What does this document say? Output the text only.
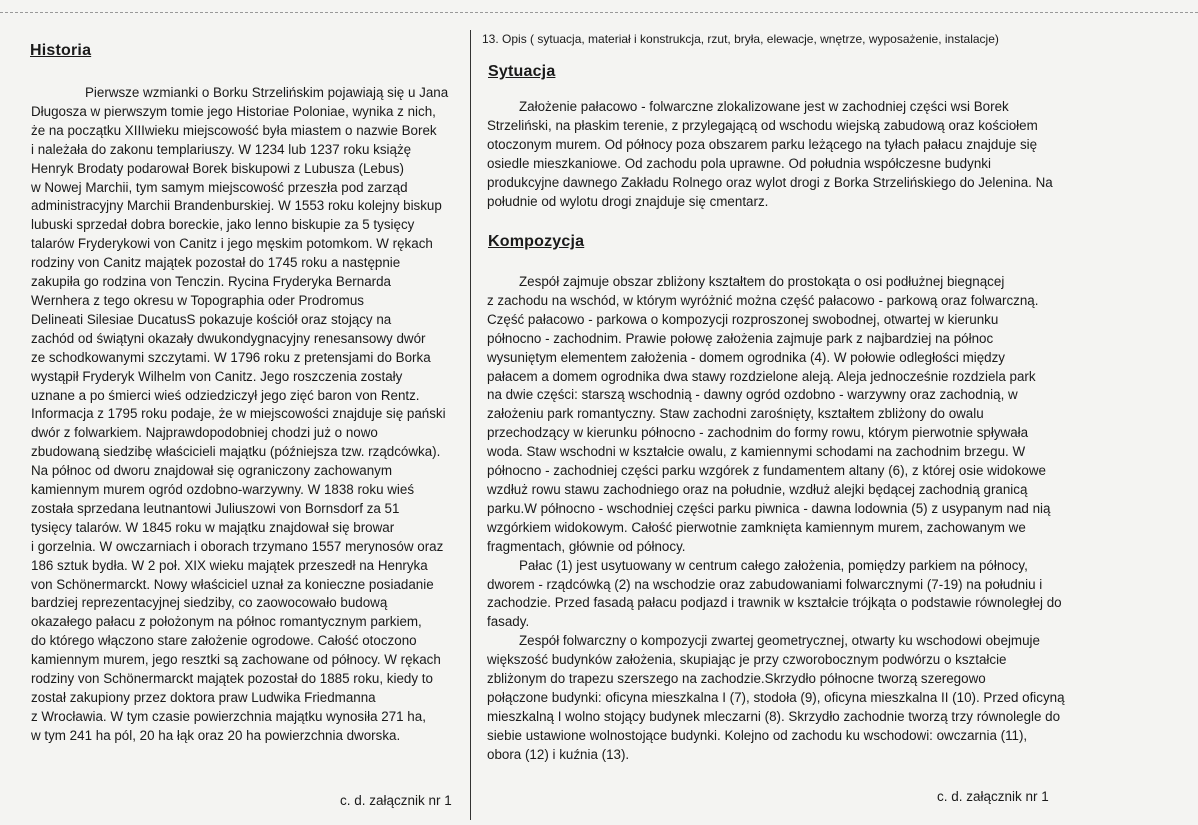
Historia
Pierwsze wzmianki o Borku Strzelińskim pojawiają się u Jana
Długosza w pierwszym tomie jego Historiae Poloniae, wynika z nich,
że na początku XIIIwieku miejscowość była miastem o nazwie Borek
i należała do zakonu templariuszy. W 1234 lub 1237 roku książę
Henryk Brodaty podarował Borek biskupowi z Lubusza (Lebus)
w Nowej Marchii, tym samym miejscowość przeszła pod zarząd
administracyjny Marchii Brandenburskiej. W 1553 roku kolejny biskup
lubuski sprzedał dobra boreckie, jako lenno biskupie za 5 tysięcy
talarów Fryderykowi von Canitz i jego męskim potomkom. W rękach
rodziny von Canitz majątek pozostał do 1745 roku a następnie
zakupiła go rodzina von Tenczin. Rycina Fryderyka Bernarda
Wernhera z tego okresu w Topographia oder Prodromus
Delineati Silesiae DucatusS pokazuje kościół oraz stojący na
zachód od świątyni okazały dwukondygnacyjny renesansowy dwór
ze schodkowanymi szczytami. W 1796 roku z pretensjami do Borka
wystąpił Fryderyk Wilhelm von Canitz. Jego roszczenia zostały
uznane a po śmierci wieś odziedziczył jego zięć baron von Rentz.
Informacja z 1795 roku podaje, że w miejscowości znajduje się pański
dwór z folwarkiem. Najprawdopodobniej chodzi już o nowo
zbudowaną siedzibę właścicieli majątku (późniejsza tzw. rządcówka).
Na północ od dworu znajdował się ograniczony zachowanym
kamiennym murem ogród ozdobno-warzywny. W 1838 roku wieś
została sprzedana leutnantowi Juliuszowi von Bornsdorf za 51
tysięcy talarów. W 1845 roku w majątku znajdował się browar
i gorzelnia. W owczarniach i oborach trzymano 1557 merynosów oraz
186 sztuk bydła. W 2 poł. XIX wieku majątek przeszedł na Henryka
von Schönermarckt. Nowy właściciel uznał za konieczne posiadanie
bardziej reprezentacyjnej siedziby, co zaowocowało budową
okazałego pałacu z położonym na północ romantycznym parkiem,
do którego włączono stare założenie ogrodowe. Całość otoczono
kamiennym murem, jego resztki są zachowane od północy. W rękach
rodziny von Schönermarckt majątek pozostał do 1885 roku, kiedy to
został zakupiony przez doktora praw Ludwika Friedmanna
z Wrocławia. W tym czasie powierzchnia majątku wynosiła 271 ha,
w tym 241 ha pól, 20 ha łąk oraz 20 ha powierzchnia dworska.
c. d. załącznik nr 1
13. Opis ( sytuacja, materiał i konstrukcja, rzut, bryła, elewacje, wnętrze, wyposażenie, instalacje)
Sytuacja
Założenie pałacowo - folwarczne zlokalizowane jest w zachodniej części wsi Borek
Strzeliński, na płaskim terenie, z przylegającą od wschodu wiejską zabudową oraz kościołem
otoczonym murem. Od północy poza obszarem parku leżącego na tyłach pałacu znajduje się
osiedle mieszkaniowe. Od zachodu pola uprawne. Od południa współczesne budynki
produkcyjne dawnego Zakładu Rolnego oraz wylot drogi z Borka Strzelińskiego do Jelenina. Na
południe od wylotu drogi znajduje się cmentarz.
Kompozycja
Zespół zajmuje obszar zbliżony kształtem do prostokąta o osi podłużnej biegnącej
z zachodu na wschód, w którym wyróżnić można część pałacowo - parkową oraz folwarczną.
Część pałacowo - parkowa o kompozycji rozproszonej swobodnej, otwartej w kierunku
północno - zachodnim. Prawie połowę założenia zajmuje park z najbardziej na północ
wysuniętym elementem założenia - domem ogrodnika (4). W połowie odległości między
pałacem a domem ogrodnika dwa stawy rozdzielone aleją. Aleja jednocześnie rozdziela park
na dwie części: starszą wschodnią - dawny ogród ozdobno - warzywny oraz zachodnią, w
założeniu park romantyczny. Staw zachodni zarośnięty, kształtem zbliżony do owalu
przechodzący w kierunku północno - zachodnim do formy rowu, którym pierwotnie spływała
woda. Staw wschodni w kształcie owalu, z kamiennymi schodami na zachodnim brzegu. W
północno - zachodniej części parku wzgórek z fundamentem altany (6), z której osie widokowe
wzdłuż rowu stawu zachodniego oraz na południe, wzdłuż alejki będącej zachodnią granicą
parku.W północno - wschodniej części parku piwnica - dawna lodownia (5) z usypanym nad nią
wzgórkiem widokowym. Całość pierwotnie zamknięta kamiennym murem, zachowanym we
fragmentach, głównie od północy.
Pałac (1) jest usytuowany w centrum całego założenia, pomiędzy parkiem na północy,
dworem - rządcówką (2) na wschodzie oraz zabudowaniami folwarcznymi (7-19) na południu i
zachodzie. Przed fasadą pałacu podjazd i trawnik w kształcie trójkąta o podstawie równoległej do
fasady.
Zespół folwarczny o kompozycji zwartej geometrycznej, otwarty ku wschodowi obejmuje
większość budynków założenia, skupiając je przy czworobocznym podwórzu o kształcie
zbliżonym do trapezu szerszego na zachodzie.Skrzydło północne tworzą szeregowo
połączone budynki: oficyna mieszkalna I (7), stodoła (9), oficyna mieszkalna II (10). Przed oficyną
mieszkalną I wolno stojący budynek mleczarni (8). Skrzydło zachodnie tworzą trzy równolegle do
siebie ustawione wolnostojące budynki. Kolejno od zachodu ku wschodowi: owczarnia (11),
obora (12) i kuźnia (13).
c. d. załącznik nr 1
